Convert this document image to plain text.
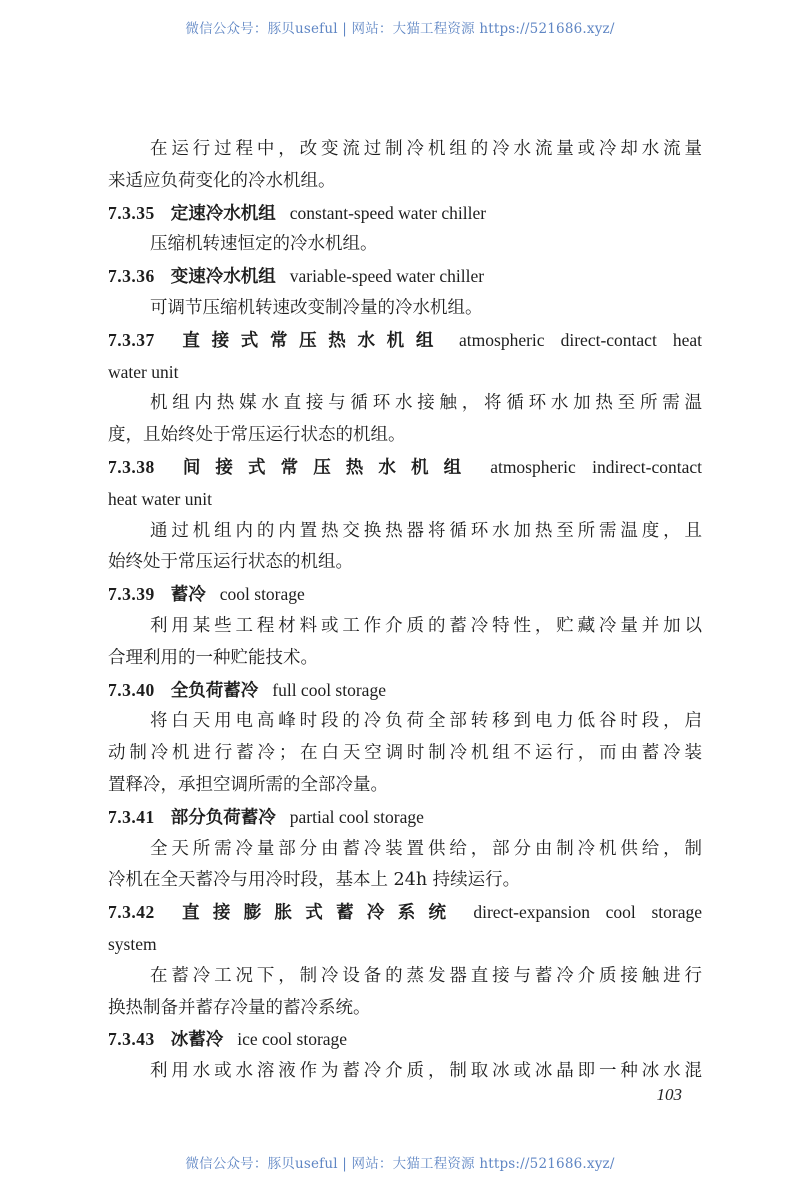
微信公众号：豚贝useful | 网站：大猫工程资源 https://521686.xyz/
在运行过程中，改变流过制冷机组的冷水流量或冷却水流量
来适应负荷变化的冷水机组。
7.3.35 定速冷水机组 constant-speed water chiller
压缩机转速恒定的冷水机组。
7.3.36 变速冷水机组 variable-speed water chiller
可调节压缩机转速改变制冷量的冷水机组。
7.3.37 直接式常压热水机组 atmospheric direct-contact heat
water unit
机组内热媒水直接与循环水接触，将循环水加热至所需温
度，且始终处于常压运行状态的机组。
7.3.38 间接式常压热水机组 atmospheric indirect-contact
heat water unit
通过机组内的内置热交换热器将循环水加热至所需温度，且
始终处于常压运行状态的机组。
7.3.39 蓄冷 cool storage
利用某些工程材料或工作介质的蓄冷特性，贮藏冷量并加以
合理利用的一种贮能技术。
7.3.40 全负荷蓄冷 full cool storage
将白天用电高峰时段的冷负荷全部转移到电力低谷时段，启
动制冷机进行蓄冷；在白天空调时制冷机组不运行，而由蓄冷装
置释冷，承担空调所需的全部冷量。
7.3.41 部分负荷蓄冷 partial cool storage
全天所需冷量部分由蓄冷装置供给，部分由制冷机供给，制
冷机在全天蓄冷与用冷时段，基本上 24h 持续运行。
7.3.42 直接膨胀式蓄冷系统 direct-expansion cool storage
system
在蓄冷工况下，制冷设备的蒸发器直接与蓄冷介质接触进行
换热制备并蓄存冷量的蓄冷系统。
7.3.43 冰蓄冷 ice cool storage
利用水或水溶液作为蓄冷介质，制取冰或冰晶即一种冰水混
103
微信公众号：豚贝useful | 网站：大猫工程资源 https://521686.xyz/
